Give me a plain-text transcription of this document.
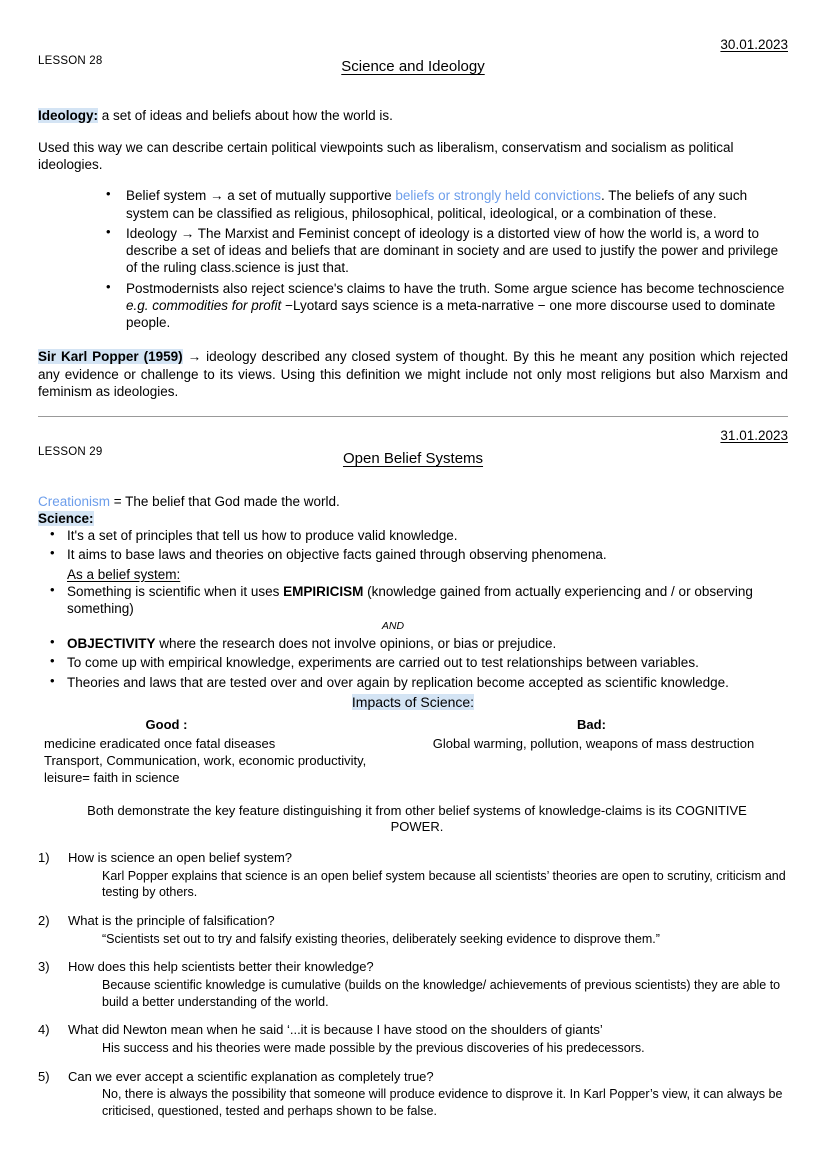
30.01.2023
LESSON 28	Science and Ideology

Ideology: a set of ideas and beliefs about how the world is.

Used this way we can describe certain political viewpoints such as liberalism, conservatism and socialism as political ideologies.

• Belief system → a set of mutually supportive beliefs or strongly held convictions. The beliefs of any such system can be classified as religious, philosophical, political, ideological, or a combination of these.
• Ideology → The Marxist and Feminist concept of ideology is a distorted view of how the world is, a word to describe a set of ideas and beliefs that are dominant in society and are used to justify the power and privilege of the ruling class.science is just that.
• Postmodernists also reject science's claims to have the truth. Some argue science has become technoscience e.g. commodities for profit −Lyotard says science is a meta-narrative − one more discourse used to dominate people.

Sir Karl Popper (1959) → ideology described any closed system of thought. By this he meant any position which rejected any evidence or challenge to its views. Using this definition we might include not only most religions but also Marxism and feminism as ideologies.

31.01.2023
LESSON 29	Open Belief Systems

Creationism = The belief that God made the world.

Science:

• It's a set of principles that tell us how to produce valid knowledge.
• It aims to base laws and theories on objective facts gained through observing phenomena.
As a belief system:
• Something is scientific when it uses EMPIRICISM (knowledge gained from actually experiencing and / or observing something)
AND
• OBJECTIVITY where the research does not involve opinions, or bias or prejudice.
• To come up with empirical knowledge, experiments are carried out to test relationships between variables.
• Theories and laws that are tested over and over again by replication become accepted as scientific knowledge.
Impacts of Science:
Good :
medicine eradicated once fatal diseases
Transport, Communication, work, economic productivity,
leisure= faith in science
Bad:
Global warming, pollution, weapons of mass destruction

Both demonstrate the key feature distinguishing it from other belief systems of knowledge-claims is its COGNITIVE POWER.

1) How is science an open belief system?
Karl Popper explains that science is an open belief system because all scientists’ theories are open to scrutiny, criticism and testing by others.
2) What is the principle of falsification?
“Scientists set out to try and falsify existing theories, deliberately seeking evidence to disprove them.”
3) How does this help scientists better their knowledge?
Because scientific knowledge is cumulative (builds on the knowledge/ achievements of previous scientists) they are able to build a better understanding of the world.
4) What did Newton mean when he said ‘...it is because I have stood on the shoulders of giants’
His success and his theories were made possible by the previous discoveries of his predecessors.
5) Can we ever accept a scientific explanation as completely true?
No, there is always the possibility that someone will produce evidence to disprove it. In Karl Popper’s view, it can always be criticised, questioned, tested and perhaps shown to be false.
